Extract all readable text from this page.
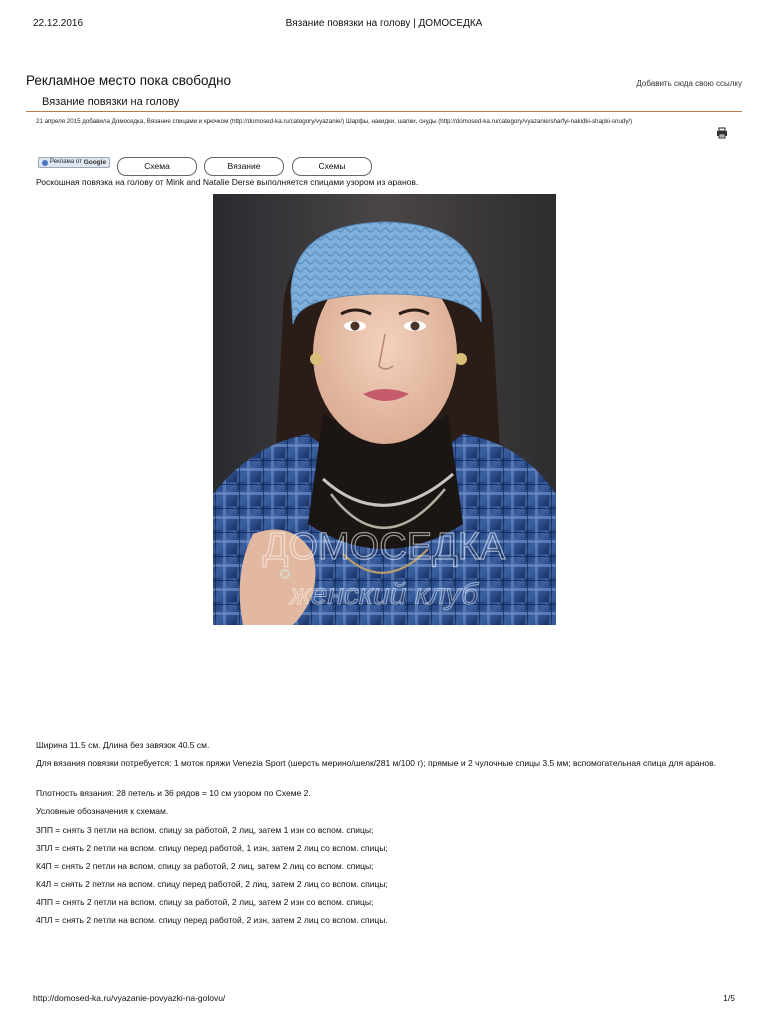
22.12.2016	Вязание повязки на голову | ДОМОСЕДКА
Рекламное место пока свободно	Добавить сюда свою ссылку
Вязание повязки на голову
21 апреля 2015 добавила Домоседка, Вязание спицами и крючком (http://domosed-ka.ru/category/vyazanie/) Шарфы, накидки, шапки, снуды (http://domosed-ka.ru/category/vyazanie/sharfyi-nakidki-shapki-snudy/)
Реклама от Google	Схема	Вязание	Схемы
Роскошная повязка на голову от Mink and Natalie Derse выполняется спицами узором из аранов.
ДОМОСЕДКА
женский клуб
Ширина 11.5 см. Длина без завязок 40.5 см.
Для вязания повязки потребуется: 1 моток пряжи Venezia Sport (шерсть мерино/шелк/281 м/100 г); прямые и 2 чулочные спицы 3.5 мм; вспомогательная спица для аранов.
Плотность вязания: 28 петель и 36 рядов = 10 см узором по Схеме 2.
Условные обозначения к схемам.
3ПП = снять 3 петли на вспом. спицу за работой, 2 лиц, затем 1 изн со вспом. спицы;
3ПЛ = снять 2 петли на вспом. спицу перед работой, 1 изн, затем 2 лиц со вспом. спицы;
К4П = снять 2 петли на вспом. спицу за работой, 2 лиц, затем 2 лиц со вспом. спицы;
К4Л = снять 2 петли на вспом. спицу перед работой, 2 лиц, затем 2 лиц со вспом. спицы;
4ПП = снять 2 петли на вспом. спицу за работой, 2 лиц, затем 2 изн со вспом. спицы;
4ПЛ = снять 2 петли на вспом. спицу перед работой, 2 изн, затем 2 лиц со вспом. спицы.
http://domosed-ka.ru/vyazanie-povyazki-na-golovu/	1/5
